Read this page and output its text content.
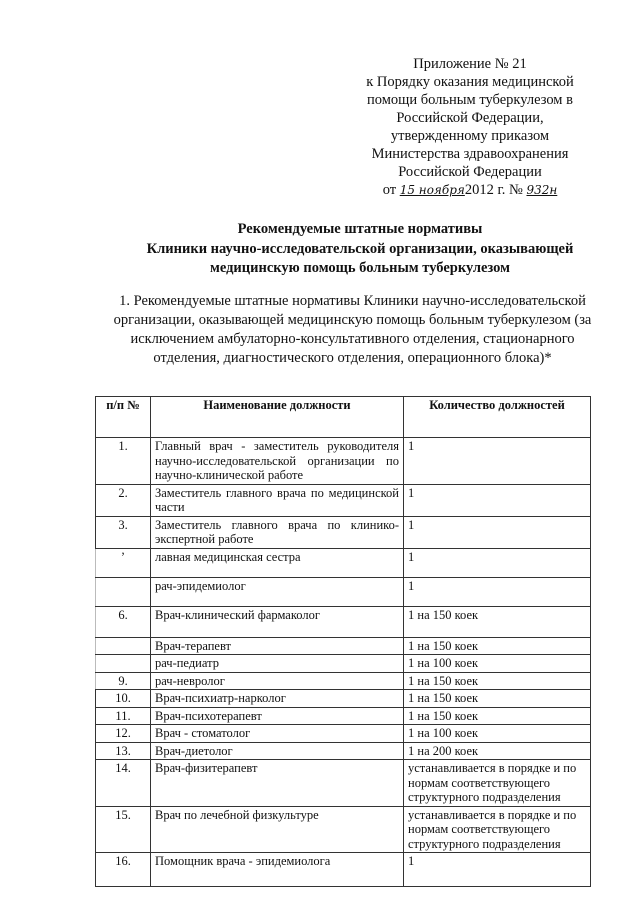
Приложение № 21
к Порядку оказания медицинской
помощи больным туберкулезом в
Российской Федерации,
утвержденному приказом
Министерства здравоохранения
Российской Федерации
от 15 ноября2012 г. № 932н
Рекомендуемые штатные нормативы
Клиники научно-исследовательской организации, оказывающей
медицинскую помощь больным туберкулезом
1. Рекомендуемые штатные нормативы Клиники научно-исследовательской организации, оказывающей медицинскую помощь больным туберкулезом (за исключением амбулаторно-консультативного отделения, стационарного отделения, диагностического отделения, операционного блока)*
п/п №	Наименование должности	Количество должностей
1.	Главный врач - заместитель руководителя научно-исследовательской организации по научно-клинической работе	1
2.	Заместитель главного врача по медицинской части	1
3.	Заместитель главного врача по клинико-экспертной работе	1
’	лавная медицинская сестра	1
	рач-эпидемиолог	1
6.	Врач-клинический фармаколог	1 на 150 коек
	Врач-терапевт	1 на 150 коек
	рач-педиатр	1 на 100 коек
9.	рач-невролог	1 на 150 коек
10.	Врач-психиатр-нарколог	1 на 150 коек
11.	Врач-психотерапевт	1 на 150 коек
12.	Врач - стоматолог	1 на 100 коек
13.	Врач-диетолог	1 на 200 коек
14.	Врач-физитерапевт	устанавливается в порядке и по нормам соответствующего структурного подразделения
15.	Врач по лечебной физкультуре	устанавливается в порядке и по нормам соответствующего структурного подразделения
16.	Помощник врача - эпидемиолога	1
